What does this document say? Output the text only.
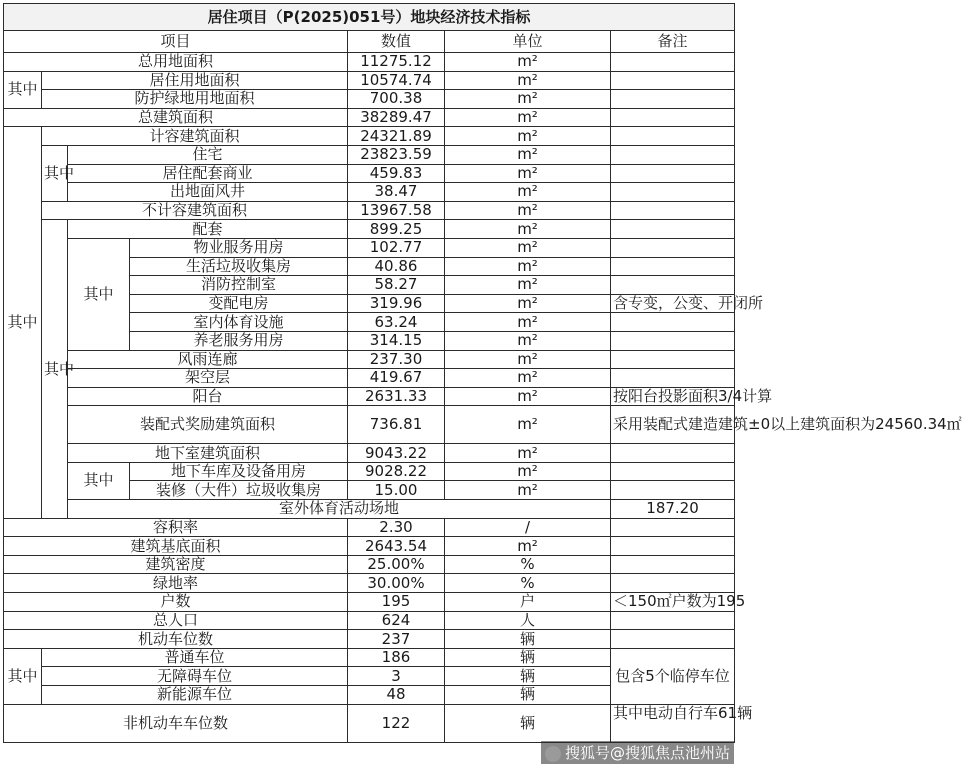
居住项目（P(2025)051号）地块经济技术指标							
项目				数值	单位	备注	
总用地面积				11275.12	m²		
其中	居住用地面积			10574.74	m²		
	防护绿地用地面积			700.38	m²		
总建筑面积				38289.47	m²		
其中	计容建筑面积			24321.89	m²		
	其中	住宅		23823.59	m²		
		居住配套商业		459.83	m²		
		出地面风井		38.47	m²		
	不计容建筑面积			13967.58	m²		
	其中	配套		899.25	m²		
		其中	物业服务用房	102.77	m²		
			生活垃圾收集房	40.86	m²		
			消防控制室	58.27	m²		
			变配电房	319.96	m²	含专变，公变、开闭所	
			室内体育设施	63.24	m²		
			养老服务用房	314.15	m²		
		风雨连廊		237.30	m²		
		架空层		419.67	m²		
		阳台		2631.33	m²	按阳台投影面积3/4计算	
		装配式奖励建筑面积		736.81	m²	采用装配式建造建筑±0以上建筑面积为24560.34㎡	
		地下室建筑面积		9043.22	m²		
		其中	地下车库及设备用房	9028.22	m²		
			装修（大件）垃圾收集房	15.00	m²		
		室外体育活动场地				187.20		
容积率				2.30	/		
建筑基底面积				2643.54	m²		
建筑密度				25.00%	%		
绿地率				30.00%	%		
户数				195	户	＜150㎡户数为195	
总人口				624	人		
机动车位数				237	辆		
其中	普通车位			186	辆	包含5个临停车位	
	无障碍车位			3	辆		
	新能源车位			48	辆		
非机动车车位数				122	辆	其中电动自行车61辆	
搜狐号@搜狐焦点池州站
